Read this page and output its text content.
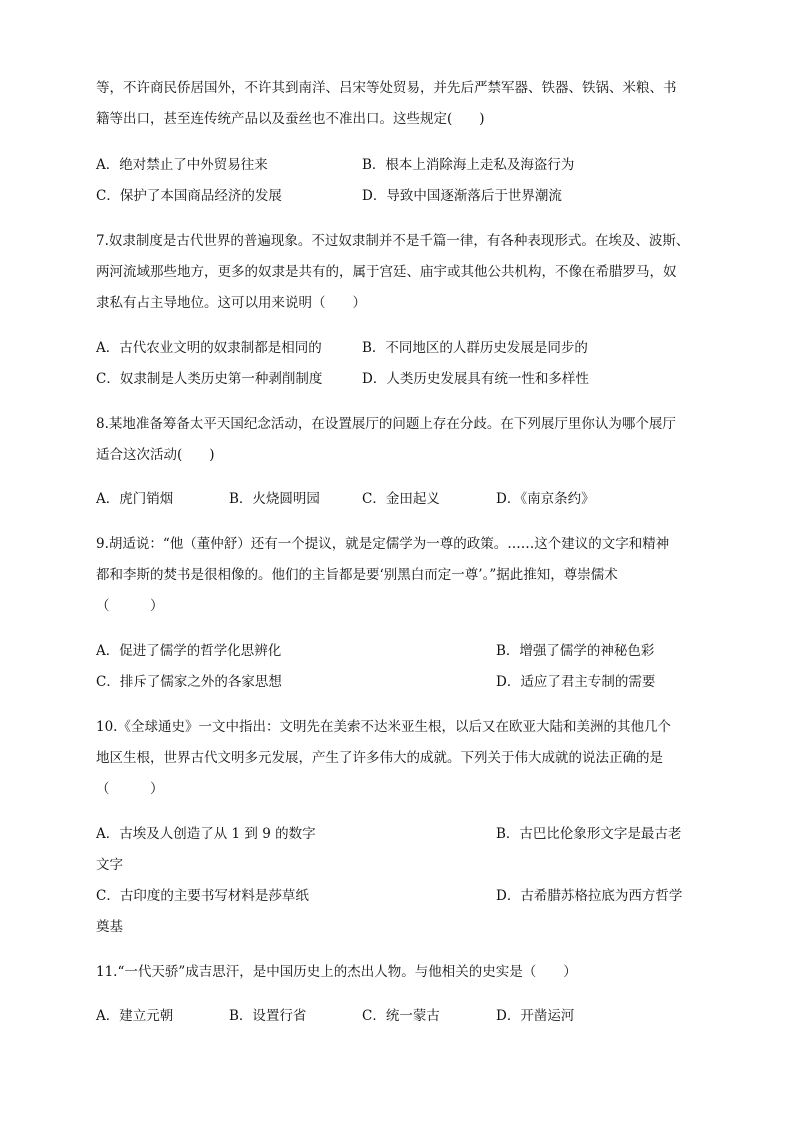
等，不许商民侨居国外，不许其到南洋、吕宋等处贸易，并先后严禁军器、铁器、铁锅、米粮、书
籍等出口，甚至连传统产品以及蚕丝也不准出口。这些规定(　　)
A．绝对禁止了中外贸易往来	B．根本上消除海上走私及海盗行为
C．保护了本国商品经济的发展	D．导致中国逐渐落后于世界潮流
7.奴隶制度是古代世界的普遍现象。不过奴隶制并不是千篇一律，有各种表现形式。在埃及、波斯、
两河流域那些地方，更多的奴隶是共有的，属于宫廷、庙宇或其他公共机构，不像在希腊罗马，奴
隶私有占主导地位。这可以用来说明（　　）
A．古代农业文明的奴隶制都是相同的	B．不同地区的人群历史发展是同步的
C．奴隶制是人类历史第一种剥削制度	D．人类历史发展具有统一性和多样性
8.某地准备筹备太平天国纪念活动，在设置展厅的问题上存在分歧。在下列展厅里你认为哪个展厅
适合这次活动(　　)
A．虎门销烟	B．火烧圆明园	C．金田起义	D．《南京条约》
9.胡适说：“他（董仲舒）还有一个提议，就是定儒学为一尊的政策。……这个建议的文字和精神
都和李斯的焚书是很相像的。他们的主旨都是要‘别黑白而定一尊’。”据此推知，尊崇儒术
（　　　）
A．促进了儒学的哲学化思辨化	B．增强了儒学的神秘色彩
C．排斥了儒家之外的各家思想	D．适应了君主专制的需要
10.《全球通史》一文中指出：文明先在美索不达米亚生根，以后又在欧亚大陆和美洲的其他几个
地区生根，世界古代文明多元发展，产生了许多伟大的成就。下列关于伟大成就的说法正确的是
（　　　）
A．古埃及人创造了从 1 到 9 的数字	B．古巴比伦象形文字是最古老
文字
C．古印度的主要书写材料是莎草纸	D．古希腊苏格拉底为西方哲学
奠基
11.“一代天骄”成吉思汗，是中国历史上的杰出人物。与他相关的史实是（　　）
A．建立元朝	B．设置行省	C．统一蒙古	D．开凿运河
